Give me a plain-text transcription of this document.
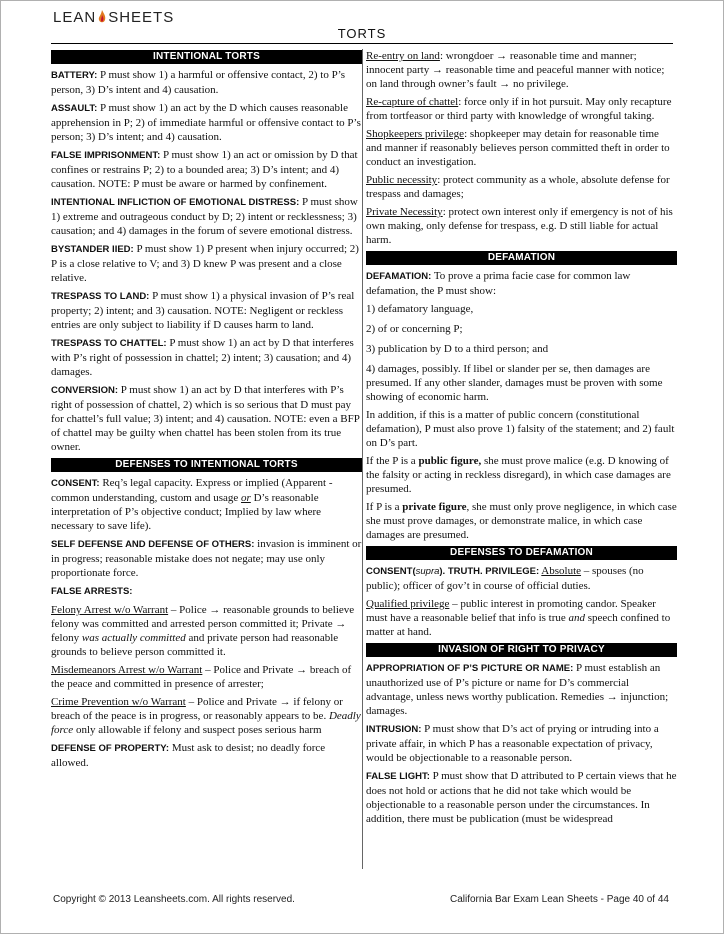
LEAN SHEETS
TORTS
INTENTIONAL TORTS

BATTERY: P must show 1) a harmful or offensive contact, 2) to P’s person, 3) D’s intent and 4) causation.

ASSAULT: P must show 1) an act by the D which causes reasonable apprehension in P; 2) of immediate harmful or offensive contact to P’s person; 3) D’s intent; and 4) causation.

FALSE IMPRISONMENT: P must show 1) an act or omission by D that confines or restrains P; 2) to a bounded area; 3) D’s intent; and 4) causation. NOTE: P must be aware or harmed by confinement.

INTENTIONAL INFLICTION OF EMOTIONAL DISTRESS: P must show 1) extreme and outrageous conduct by D; 2) intent or recklessness; 3) causation; and 4) damages in the forum of severe emotional distress.

BYSTANDER IIED: P must show 1) P present when injury occurred; 2) P is a close relative to V; and 3) D knew P was present and a close relative.

TRESPASS TO LAND: P must show 1) a physical invasion of P’s real property; 2) intent; and 3) causation. NOTE: Negligent or reckless entries are only subject to liability if D causes harm to land.

TRESPASS TO CHATTEL: P must show 1) an act by D that interferes with P’s right of possession in chattel; 2) intent; 3) causation; and 4) damages.

CONVERSION: P must show 1) an act by D that interferes with P’s right of possession of chattel, 2) which is so serious that D must pay for chattel’s full value; 3) intent; and 4) causation. NOTE: even a BFP of chattel may be guilty when chattel has been stolen from its true owner.

DEFENSES TO INTENTIONAL TORTS

CONSENT: Req’s legal capacity. Express or implied (Apparent - common understanding, custom and usage or D’s reasonable interpretation of P’s objective conduct; Implied by law where necessary to save life).

SELF DEFENSE AND DEFENSE OF OTHERS: invasion is imminent or in progress; reasonable mistake does not negate; may use only proportionate force.

FALSE ARRESTS:

Felony Arrest w/o Warrant – Police → reasonable grounds to believe felony was committed and arrested person committed it; Private → felony was actually committed and private person had reasonable grounds to believe person committed it.

Misdemeanors Arrest w/o Warrant – Police and Private → breach of the peace and committed in presence of arrester;

Crime Prevention w/o Warrant – Police and Private → if felony or breach of the peace is in progress, or reasonably appears to be. Deadly force only allowable if felony and suspect poses serious harm

DEFENSE OF PROPERTY: Must ask to desist; no deadly force allowed.

Re-entry on land: wrongdoer → reasonable time and manner; innocent party → reasonable time and peaceful manner with notice; on land through owner’s fault → no privilege.

Re-capture of chattel: force only if in hot pursuit. May only recapture from tortfeasor or third party with knowledge of wrongful taking.

Shopkeepers privilege: shopkeeper may detain for reasonable time and manner if reasonably believes person committed theft in order to conduct an investigation.

Public necessity: protect community as a whole, absolute defense for trespass and damages;

Private Necessity: protect own interest only if emergency is not of his own making, only defense for trespass, e.g. D still liable for actual harm.

DEFAMATION

DEFAMATION: To prove a prima facie case for common law defamation, the P must show:

1) defamatory language,

2) of or concerning P;

3) publication by D to a third person; and

4) damages, possibly. If libel or slander per se, then damages are presumed. If any other slander, damages must be proven with some showing of economic harm.

In addition, if this is a matter of public concern (constitutional defamation), P must also prove 1) falsity of the statement; and 2) fault on D’s part.

If the P is a public figure, she must prove malice (e.g. D knowing of the falsity or acting in reckless disregard), in which case damages are presumed.

If P is a private figure, she must only prove negligence, in which case she must prove damages, or demonstrate malice, in which case damages are presumed.

DEFENSES TO DEFAMATION

CONSENT(supra). TRUTH. PRIVILEGE: Absolute – spouses (no public); officer of gov’t in course of official duties.

Qualified privilege – public interest in promoting candor. Speaker must have a reasonable belief that info is true and speech confined to matter at hand.

INVASION OF RIGHT TO PRIVACY

APPROPRIATION OF P’S PICTURE OR NAME: P must establish an unauthorized use of P’s picture or name for D’s commercial advantage, unless news worthy publication. Remedies → injunction; damages.

INTRUSION: P must show that D’s act of prying or intruding into a private affair, in which P has a reasonable expectation of privacy, would be objectionable to a reasonable person.

FALSE LIGHT: P must show that D attributed to P certain views that he does not hold or actions that he did not take which would be objectionable to a reasonable person under the circumstances. In addition, there must be publication (must be widespread

Copyright © 2013 Leansheets.com. All rights reserved.	California Bar Exam Lean Sheets - Page 40 of 44
